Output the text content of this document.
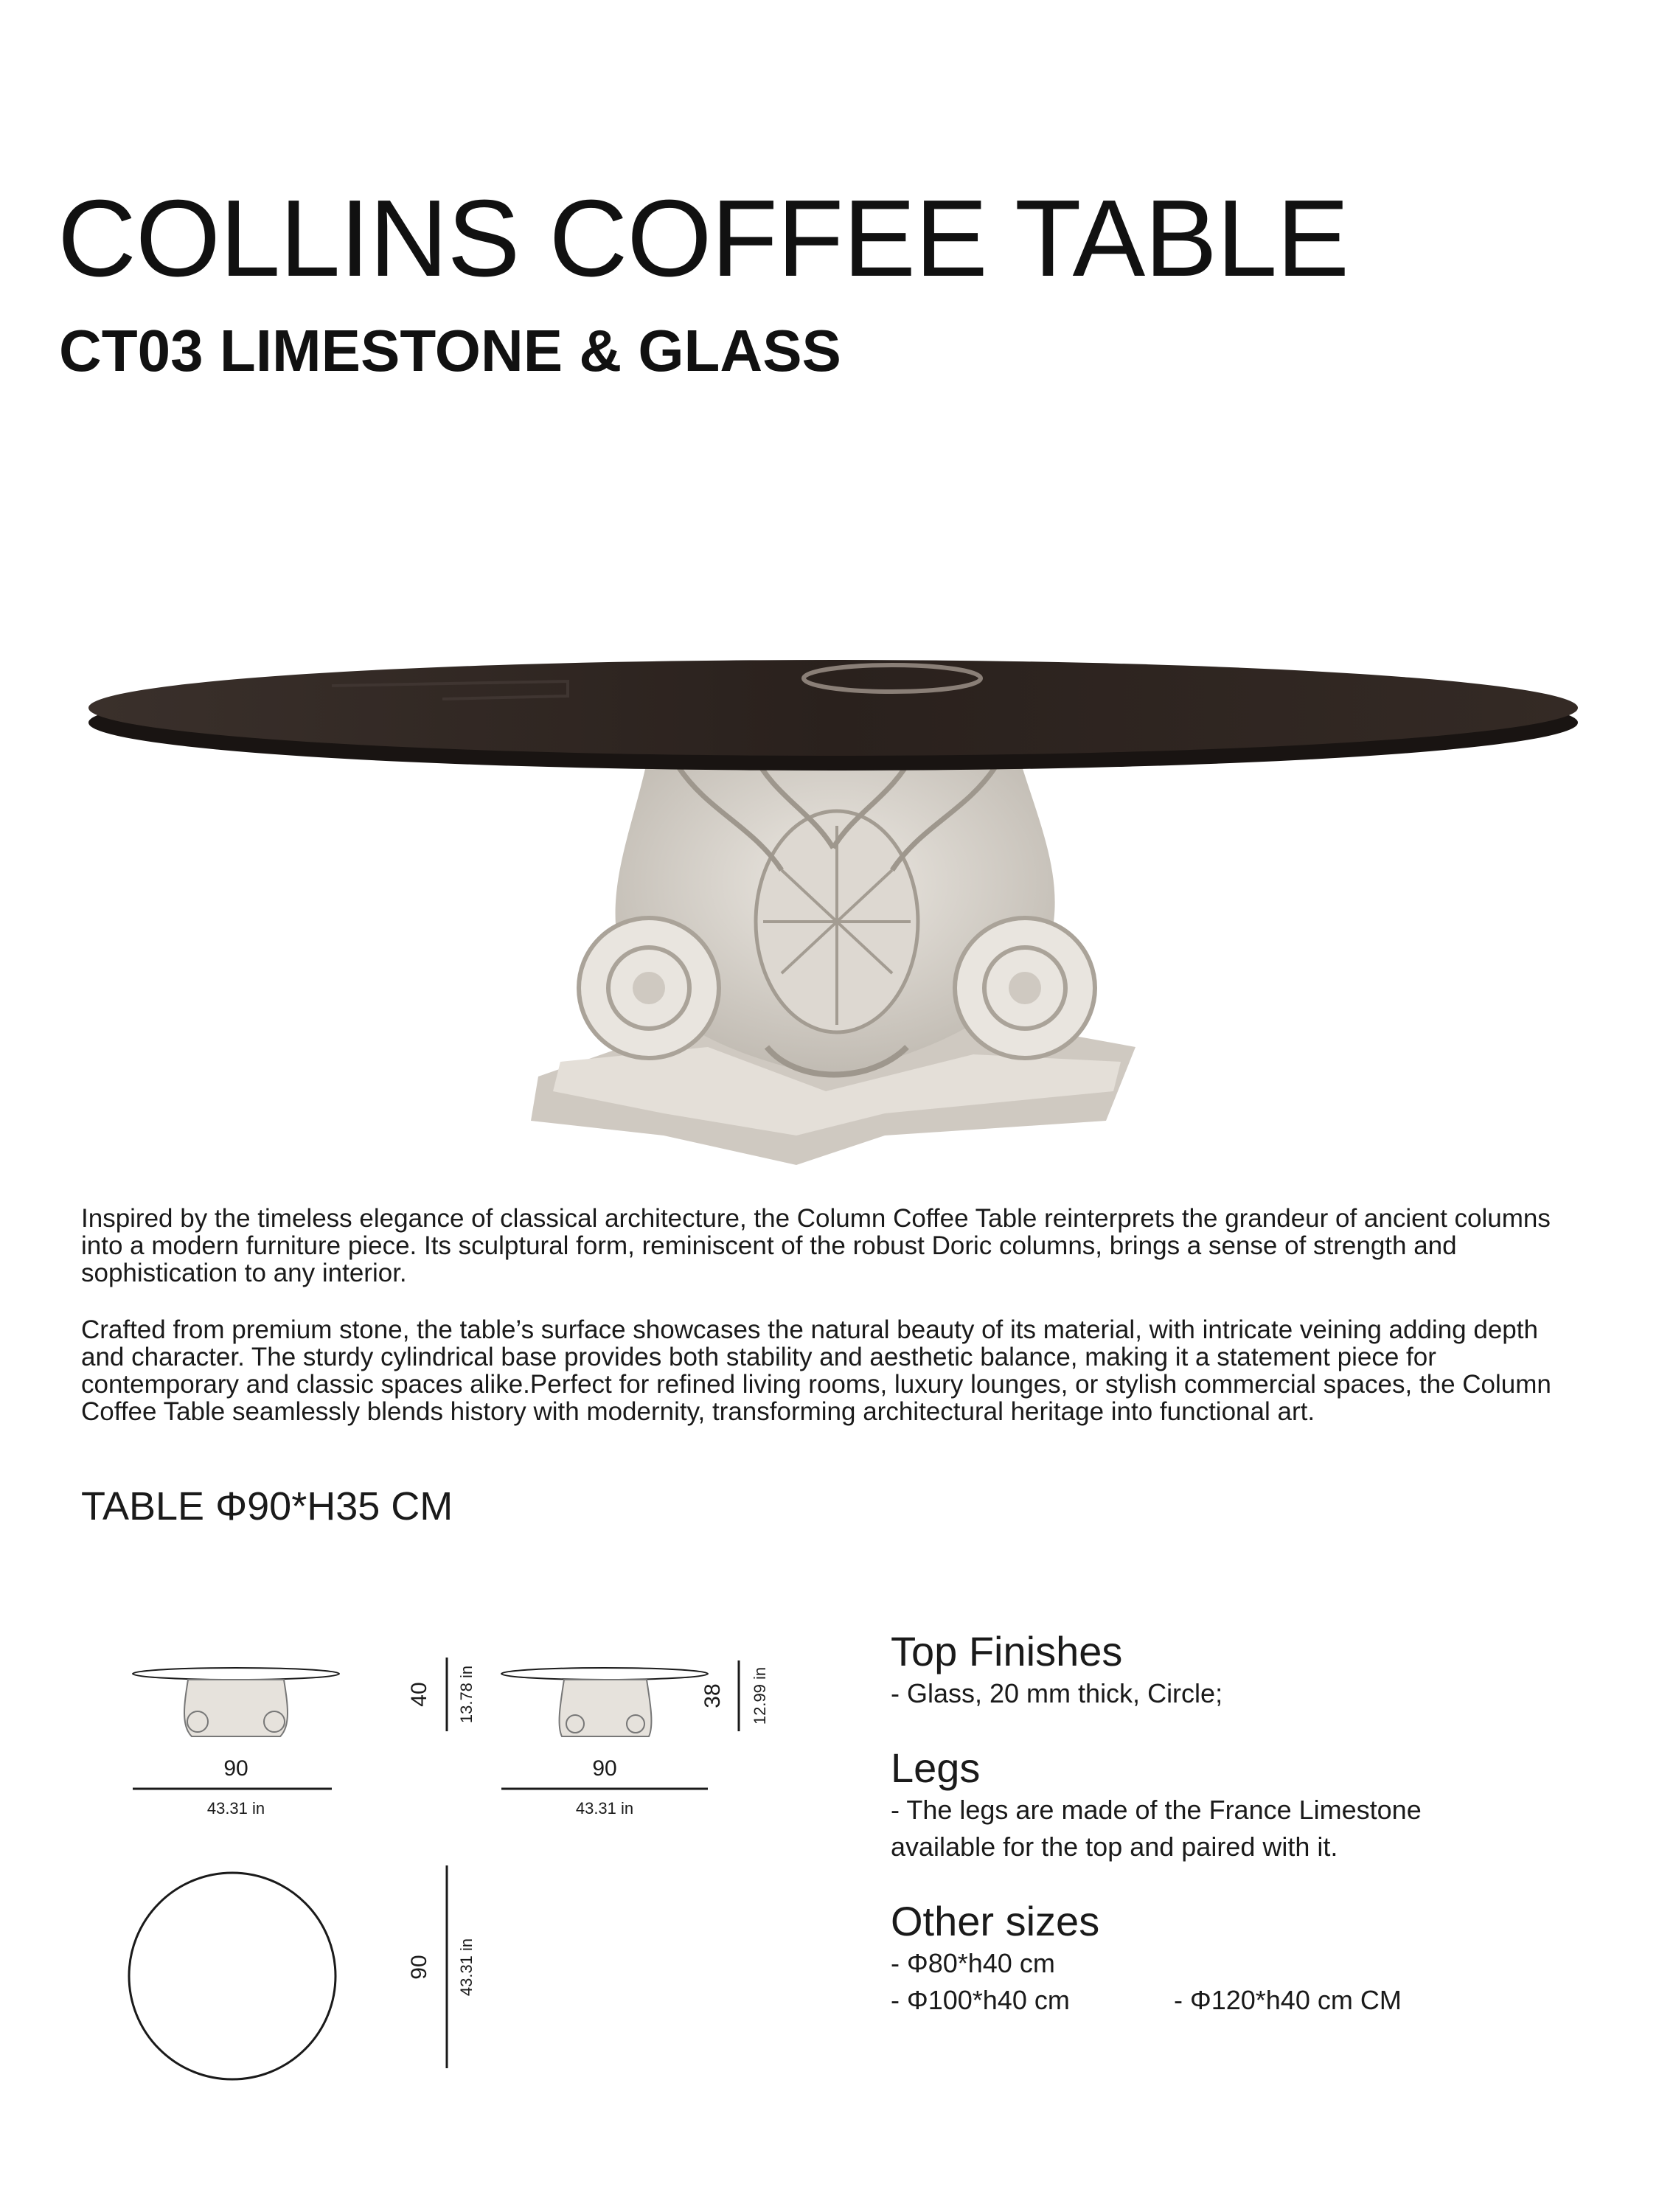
COLLINS COFFEE TABLE
CT03 LIMESTONE & GLASS

Inspired by the timeless elegance of classical architecture, the Column Coffee Table reinterprets the grandeur of ancient columns into a modern furniture piece. Its sculptural form, reminiscent of the robust Doric columns, brings a sense of strength and sophistication to any interior.

Crafted from premium stone, the table’s surface showcases the natural beauty of its material, with intricate veining adding depth and character. The sturdy cylindrical base provides both stability and aesthetic balance, making it a statement piece for contemporary and classic spaces alike.Perfect for refined living rooms, luxury lounges, or stylish commercial spaces, the Column Coffee Table seamlessly blends history with modernity, transforming architectural heritage into functional art.

TABLE Φ90*H35 CM
90
43.31 in
40 13.78 in
90
43.31 in
38 12.99 in
90 43.31 in
Top Finishes
- Glass, 20 mm thick, Circle;
Legs
- The legs are made of the France Limestone
available for the top and paired with it.
Other sizes
- Φ80*h40 cm
- Φ100*h40 cm	- Φ120*h40 cm CM
